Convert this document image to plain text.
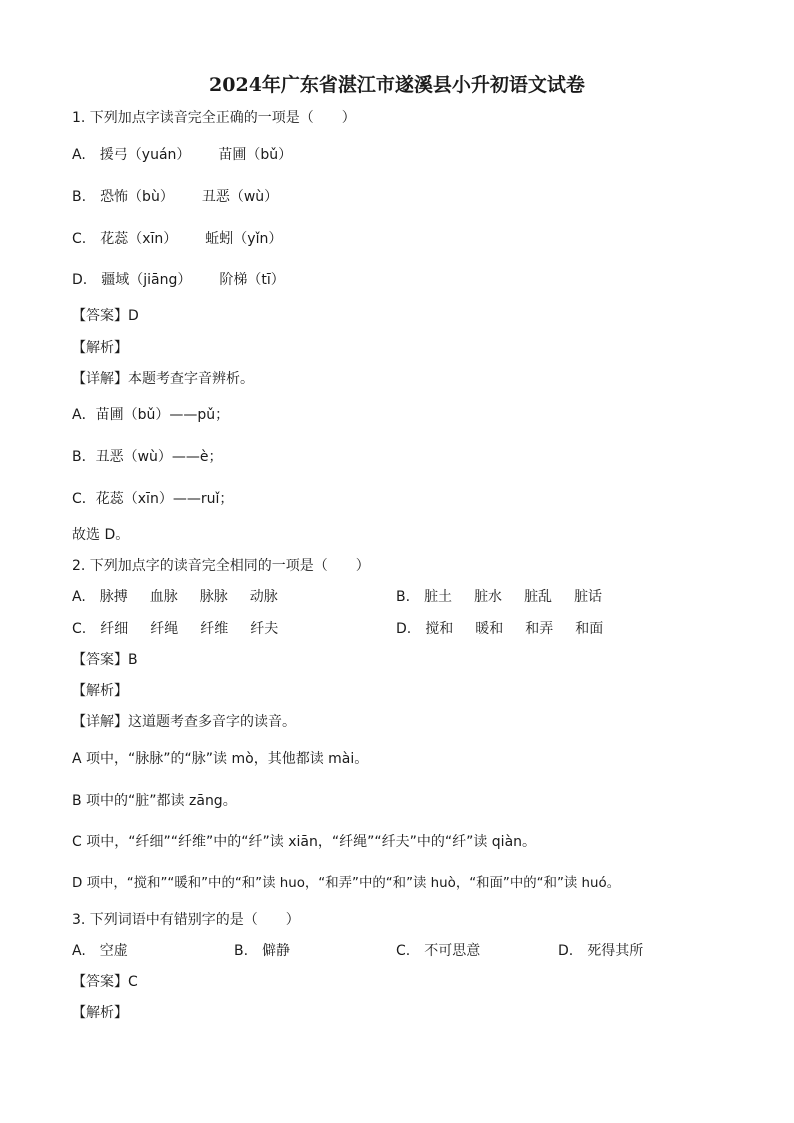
2024年广东省湛江市遂溪县小升初语文试卷
1. 下列加点字读音完全正确的一项是（　　）
A. 援弓（yuán） 苗圃（bǔ）
B. 恐怖（bù） 丑恶（wù）
C. 花蕊（xīn） 蚯蚓（yǐn）
D. 疆域（jiāng） 阶梯（tī）
【答案】D
【解析】
【详解】本题考查字音辨析。
A．苗圃（bǔ）——pǔ；
B．丑恶（wù）——è；
C．花蕊（xīn）——ruǐ；
故选 D。
2. 下列加点字的读音完全相同的一项是（　　）
A. 脉搏 血脉 脉脉 动脉	B. 脏土 脏水 脏乱 脏话
C. 纤细 纤绳 纤维 纤夫	D. 搅和 暖和 和弄 和面
【答案】B
【解析】
【详解】这道题考查多音字的读音。
A 项中，“脉脉”的“脉”读 mò，其他都读 mài。
B 项中的“脏”都读 zāng。
C 项中，“纤细”“纤维”中的“纤”读 xiān，“纤绳”“纤夫”中的“纤”读 qiàn。
D 项中，“搅和”“暖和”中的“和”读 huo，“和弄”中的“和”读 huò，“和面”中的“和”读 huó。
3. 下列词语中有错别字的是（　　）
A. 空虚	B. 僻静	C. 不可思意	D. 死得其所
【答案】C
【解析】
